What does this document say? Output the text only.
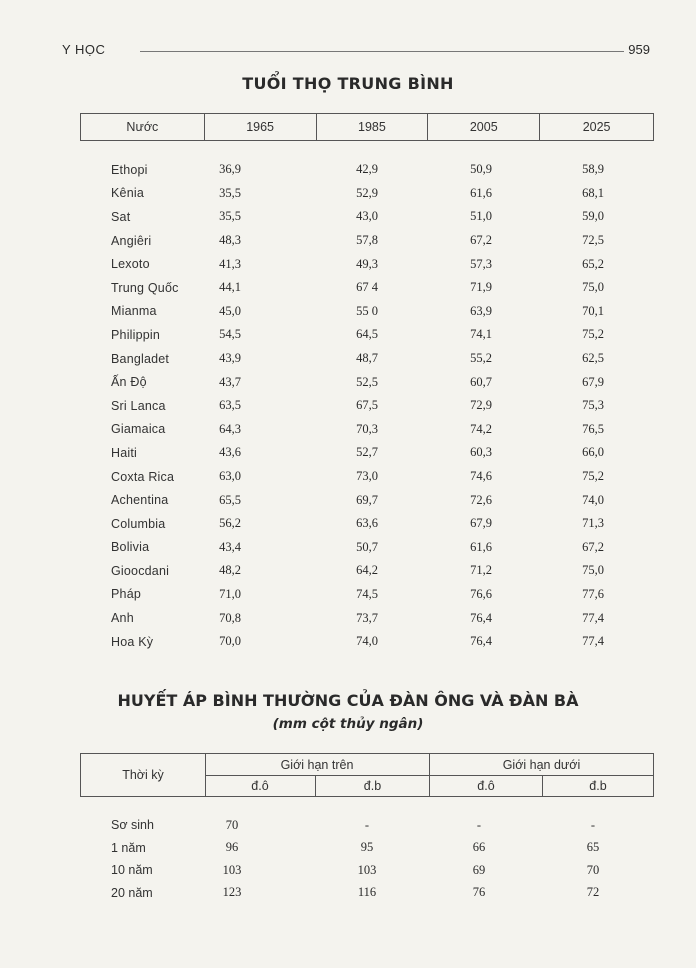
Y HỌC	959
TUỔI THỌ TRUNG BÌNH
Nước	1965	1985	2005	2025
Ethopi	36,9	42,9	50,9	58,9
Kênia	35,5	52,9	61,6	68,1
Sat	35,5	43,0	51,0	59,0
Angiêri	48,3	57,8	67,2	72,5
Lexoto	41,3	49,3	57,3	65,2
Trung Quốc	44,1	67 4	71,9	75,0
Mianma	45,0	55 0	63,9	70,1
Philippin	54,5	64,5	74,1	75,2
Bangladet	43,9	48,7	55,2	62,5
Ấn Độ	43,7	52,5	60,7	67,9
Sri Lanca	63,5	67,5	72,9	75,3
Giamaica	64,3	70,3	74,2	76,5
Haiti	43,6	52,7	60,3	66,0
Coxta Rica	63,0	73,0	74,6	75,2
Achentina	65,5	69,7	72,6	74,0
Columbia	56,2	63,6	67,9	71,3
Bolivia	43,4	50,7	61,6	67,2
Gioocdani	48,2	64,2	71,2	75,0
Pháp	71,0	74,5	76,6	77,6
Anh	70,8	73,7	76,4	77,4
Hoa Kỳ	70,0	74,0	76,4	77,4
HUYẾT ÁP BÌNH THƯỜNG CỦA ĐÀN ÔNG VÀ ĐÀN BÀ
(mm cột thủy ngân)
Thời kỳ
Giới hạn trên	Giới hạn dưới
đ.ô	đ.b	đ.ô	đ.b
Sơ sinh	70	-	-	-
1 năm	96	95	66	65
10 năm	103	103	69	70
20 năm	123	116	76	72
